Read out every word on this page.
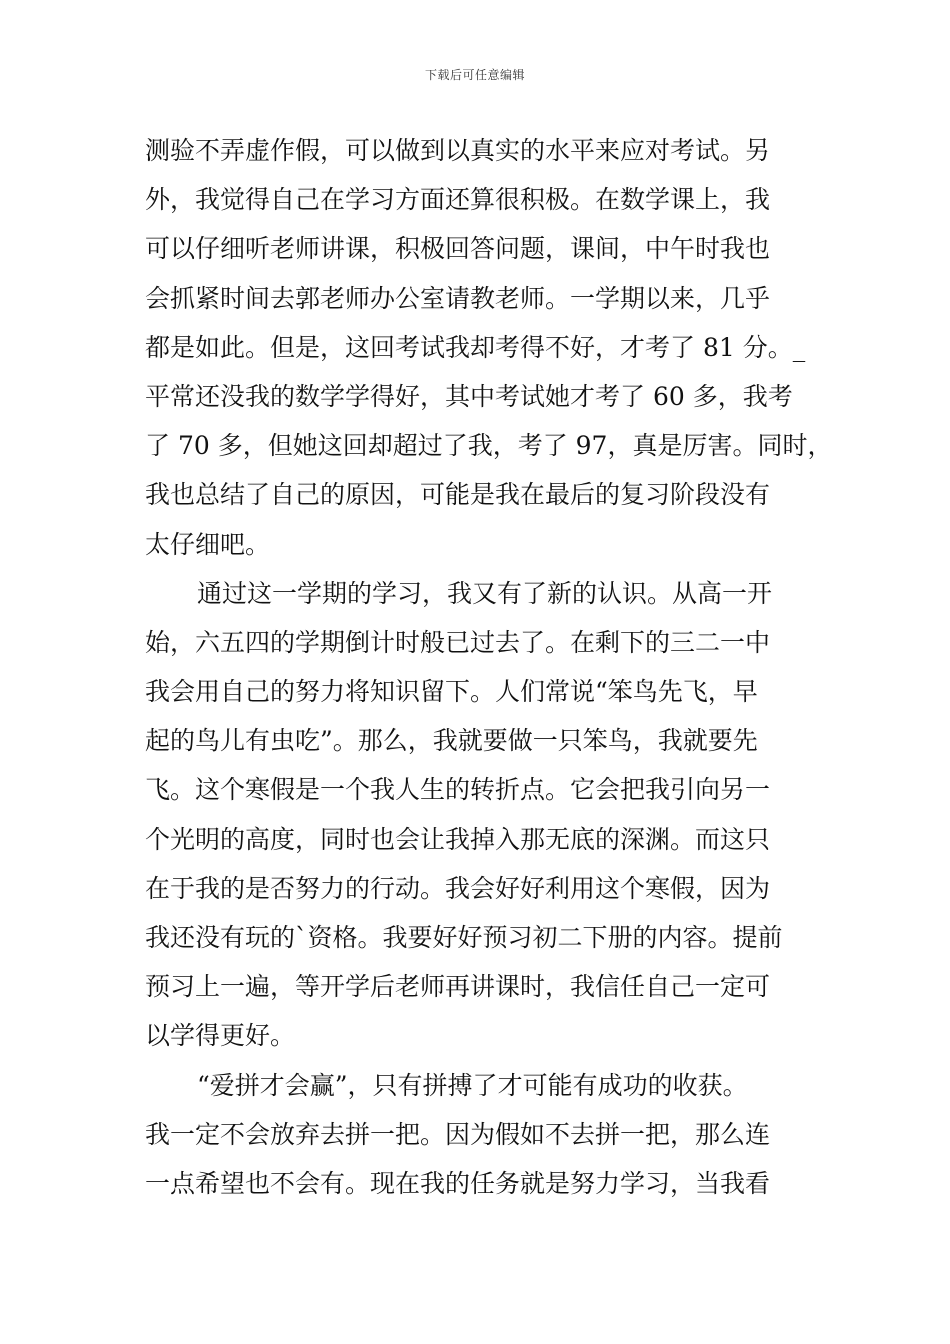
下载后可任意编辑
测验不弄虚作假，可以做到以真实的水平来应对考试。另
外，我觉得自己在学习方面还算很积极。在数学课上，我
可以仔细听老师讲课，积极回答问题，课间，中午时我也
会抓紧时间去郭老师办公室请教老师。一学期以来，几乎
都是如此。但是，这回考试我却考得不好，才考了 81 分。_
平常还没我的数学学得好，其中考试她才考了 60 多，我考
了 70 多，但她这回却超过了我，考了 97，真是厉害。同时，
我也总结了自己的原因，可能是我在最后的复习阶段没有
太仔细吧。
通过这一学期的学习，我又有了新的认识。从高一开
始，六五四的学期倒计时般已过去了。在剩下的三二一中
我会用自己的努力将知识留下。人们常说“笨鸟先飞，早
起的鸟儿有虫吃”。那么，我就要做一只笨鸟，我就要先
飞。这个寒假是一个我人生的转折点。它会把我引向另一
个光明的高度，同时也会让我掉入那无底的深渊。而这只
在于我的是否努力的行动。我会好好利用这个寒假，因为
我还没有玩的`资格。我要好好预习初二下册的内容。提前
预习上一遍，等开学后老师再讲课时，我信任自己一定可
以学得更好。
“爱拼才会赢”，只有拼搏了才可能有成功的收获。
我一定不会放弃去拼一把。因为假如不去拼一把，那么连
一点希望也不会有。现在我的任务就是努力学习，当我看
